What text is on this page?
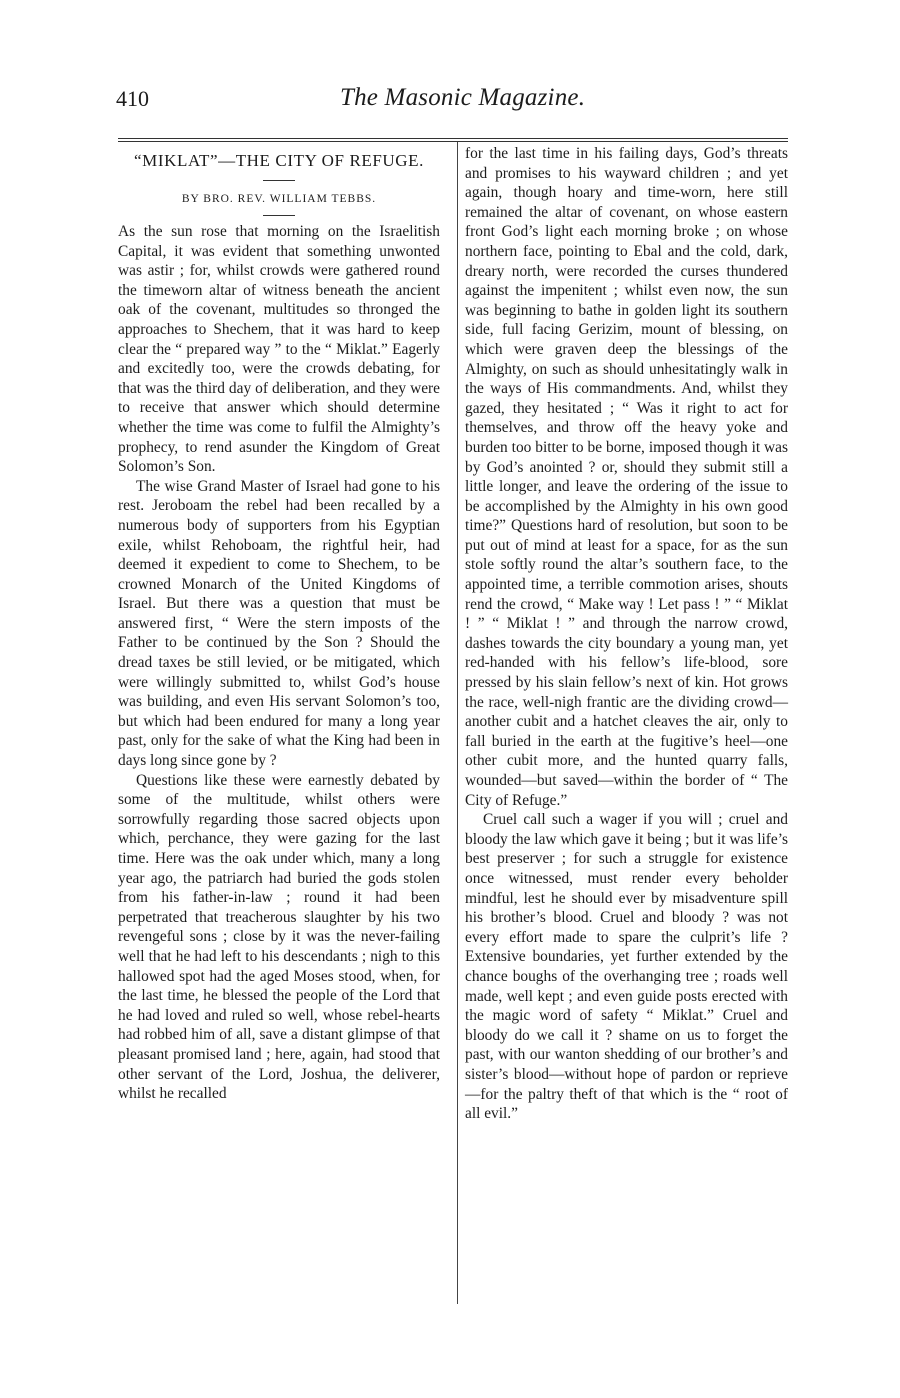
410	The Masonic Magazine.
“MIKLAT”—THE CITY OF REFUGE.
BY BRO. REV. WILLIAM TEBBS.

As the sun rose that morning on the Israelitish Capital, it was evident that something unwonted was astir ; for, whilst crowds were gathered round the timeworn altar of witness beneath the ancient oak of the covenant, multitudes so thronged the approaches to Shechem, that it was hard to keep clear the “ prepared way ” to the “ Miklat.” Eagerly and excitedly too, were the crowds debating, for that was the third day of deliberation, and they were to receive that answer which should determine whether the time was come to fulfil the Almighty’s prophecy, to rend asunder the Kingdom of Great Solomon’s Son.

The wise Grand Master of Israel had gone to his rest. Jeroboam the rebel had been recalled by a numerous body of supporters from his Egyptian exile, whilst Rehoboam, the rightful heir, had deemed it expedient to come to Shechem, to be crowned Monarch of the United Kingdoms of Israel. But there was a question that must be answered first, “ Were the stern imposts of the Father to be continued by the Son ? Should the dread taxes be still levied, or be mitigated, which were willingly submitted to, whilst God’s house was building, and even His servant Solomon’s too, but which had been endured for many a long year past, only for the sake of what the King had been in days long since gone by ?

Questions like these were earnestly debated by some of the multitude, whilst others were sorrowfully regarding those sacred objects upon which, perchance, they were gazing for the last time. Here was the oak under which, many a long year ago, the patriarch had buried the gods stolen from his father-in-law ; round it had been perpetrated that treacherous slaughter by his two revengeful sons ; close by it was the never-failing well that he had left to his descendants ; nigh to this hallowed spot had the aged Moses stood, when, for the last time, he blessed the people of the Lord that he had loved and ruled so well, whose rebel-hearts had robbed him of all, save a distant glimpse of that pleasant promised land ; here, again, had stood that other servant of the Lord, Joshua, the deliverer, whilst he recalled

for the last time in his failing days, God’s threats and promises to his wayward children ; and yet again, though hoary and time-worn, here still remained the altar of covenant, on whose eastern front God’s light each morning broke ; on whose northern face, pointing to Ebal and the cold, dark, dreary north, were recorded the curses thundered against the impenitent ; whilst even now, the sun was beginning to bathe in golden light its southern side, full facing Gerizim, mount of blessing, on which were graven deep the blessings of the Almighty, on such as should unhesitatingly walk in the ways of His commandments. And, whilst they gazed, they hesitated ; “ Was it right to act for themselves, and throw off the heavy yoke and burden too bitter to be borne, imposed though it was by God’s anointed ? or, should they submit still a little longer, and leave the ordering of the issue to be accomplished by the Almighty in his own good time?” Questions hard of resolution, but soon to be put out of mind at least for a space, for as the sun stole softly round the altar’s southern face, to the appointed time, a terrible commotion arises, shouts rend the crowd, “ Make way ! Let pass ! ” “ Miklat ! ” “ Miklat ! ” and through the narrow crowd, dashes towards the city boundary a young man, yet red-handed with his fellow’s life-blood, sore pressed by his slain fellow’s next of kin. Hot grows the race, well-nigh frantic are the dividing crowd—another cubit and a hatchet cleaves the air, only to fall buried in the earth at the fugitive’s heel—one other cubit more, and the hunted quarry falls, wounded—but saved—within the border of “ The City of Refuge.”

Cruel call such a wager if you will ; cruel and bloody the law which gave it being ; but it was life’s best preserver ; for such a struggle for existence once witnessed, must render every beholder mindful, lest he should ever by misadventure spill his brother’s blood. Cruel and bloody ? was not every effort made to spare the culprit’s life ? Extensive boundaries, yet further extended by the chance boughs of the overhanging tree ; roads well made, well kept ; and even guide posts erected with the magic word of safety “ Miklat.” Cruel and bloody do we call it ? shame on us to forget the past, with our wanton shedding of our brother’s and sister’s blood—without hope of pardon or reprieve—for the paltry theft of that which is the “ root of all evil.”
